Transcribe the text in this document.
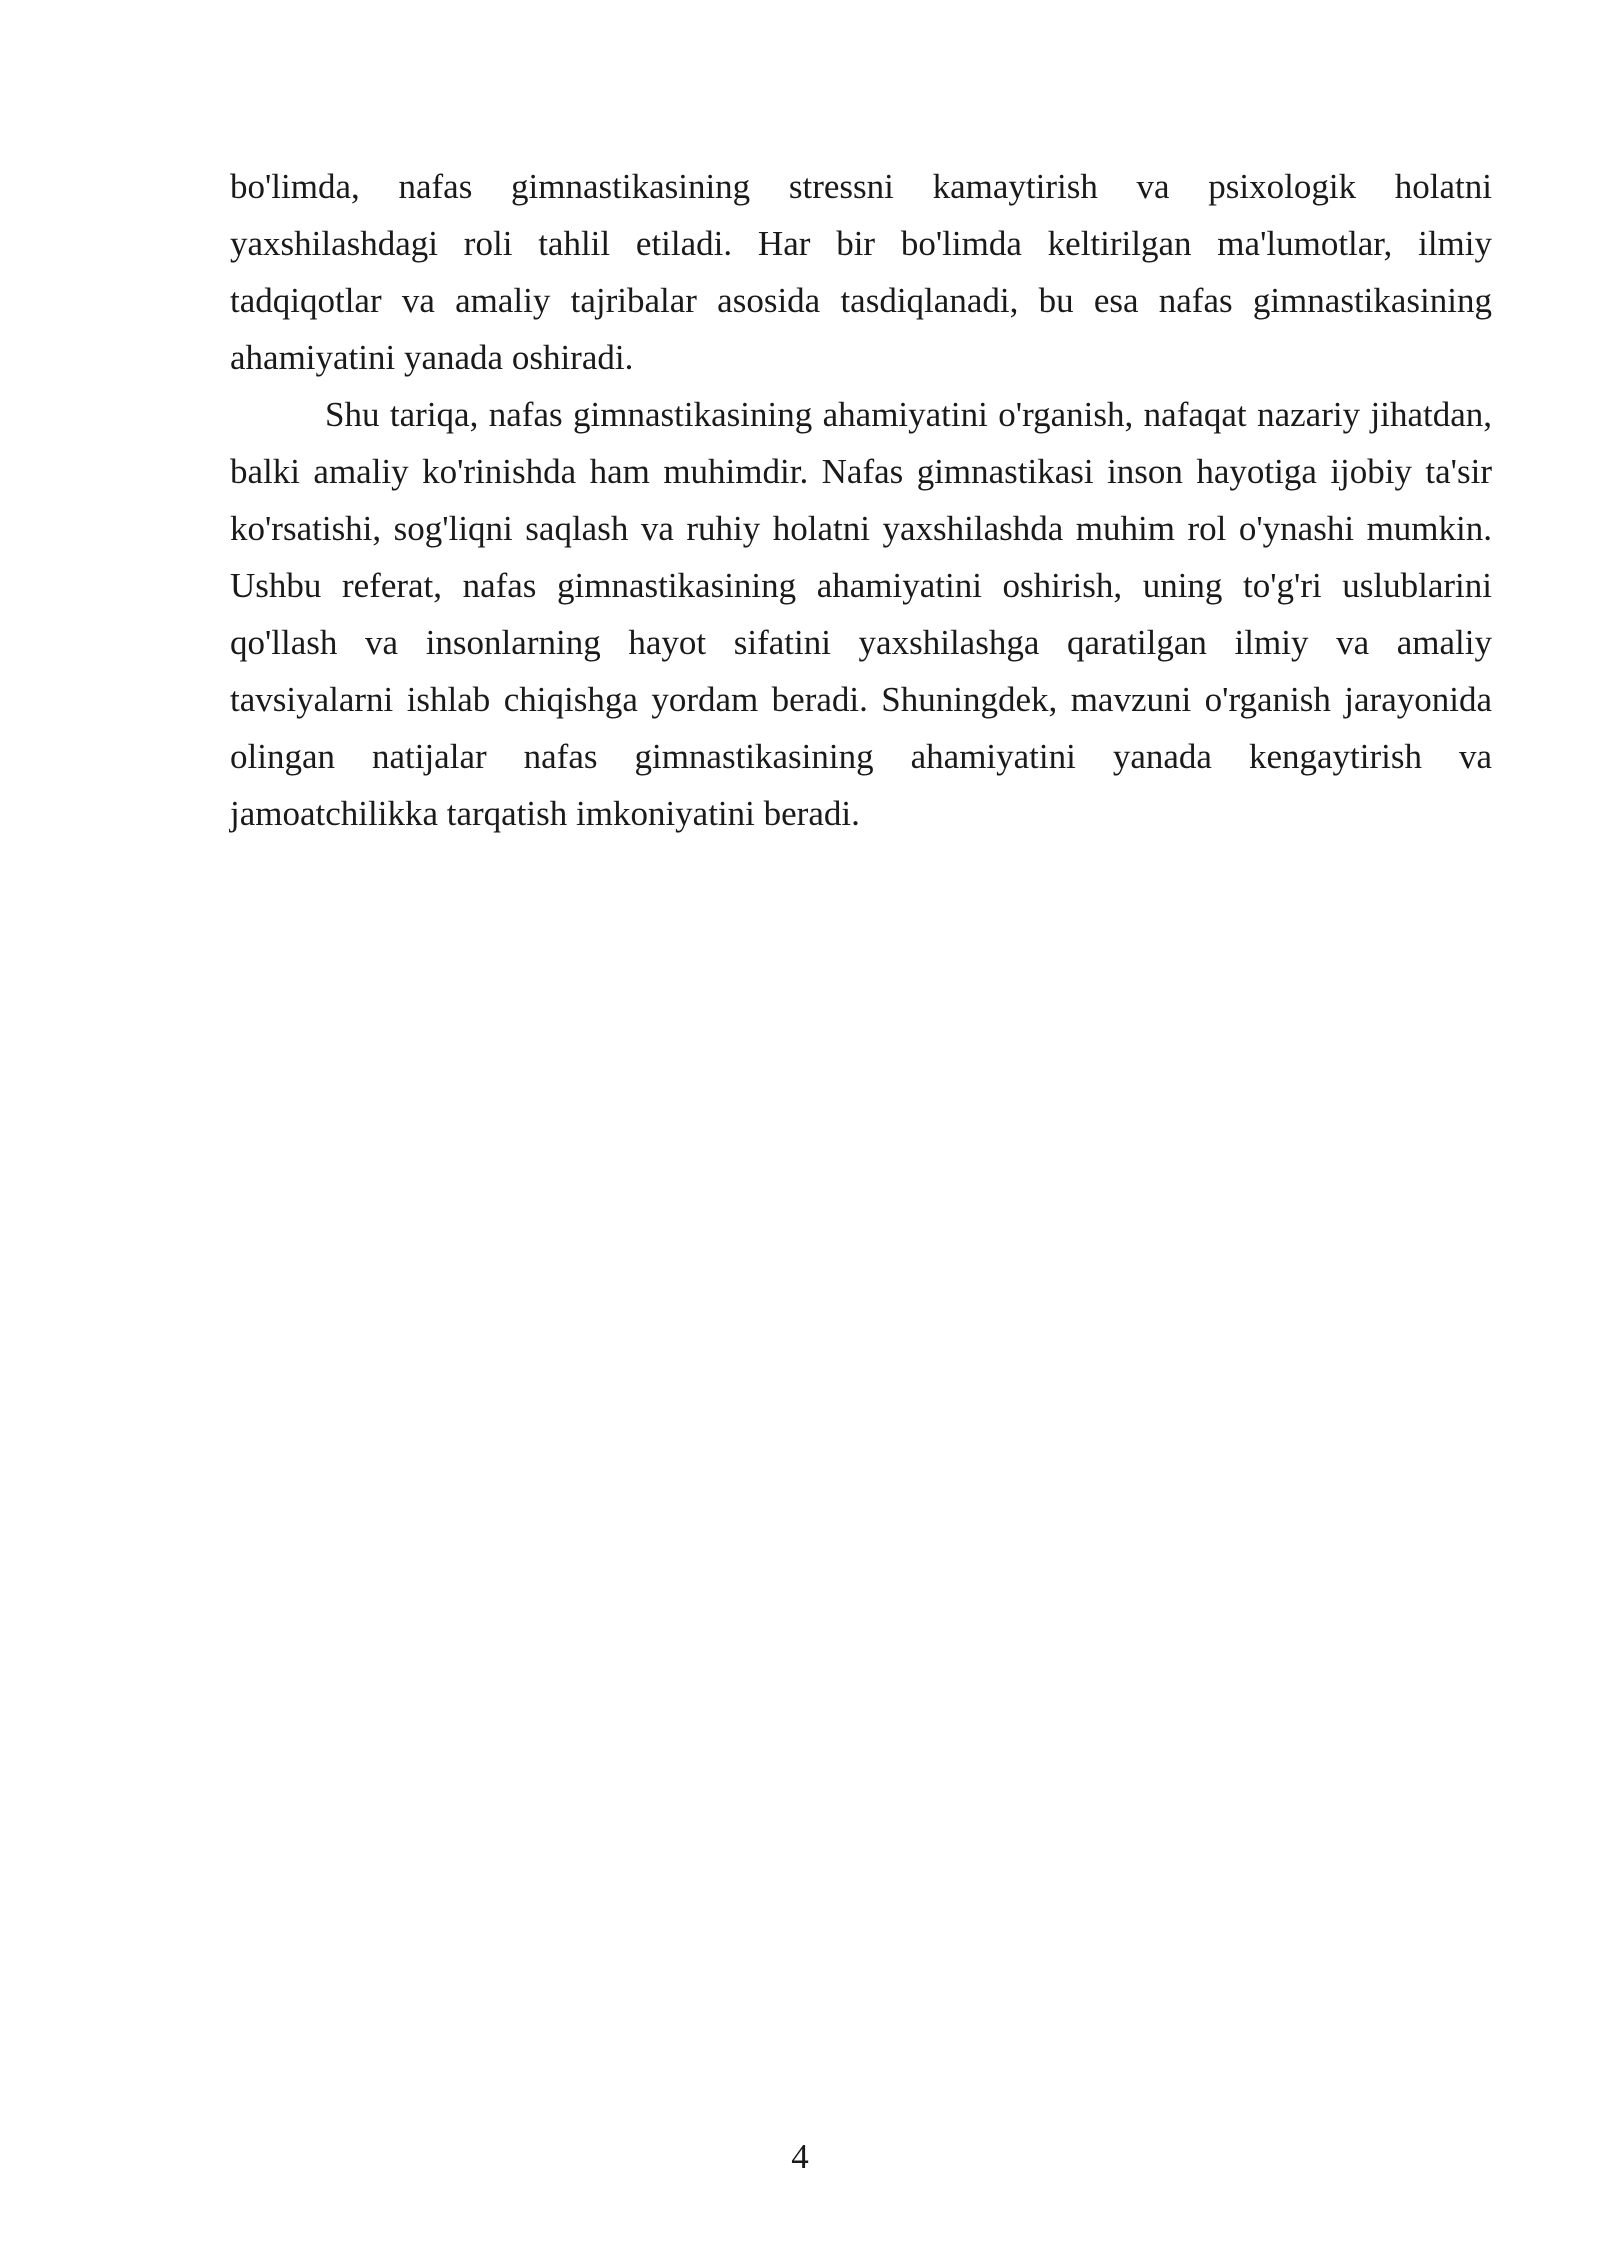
bo'limda, nafas gimnastikasining stressni kamaytirish va psixologik holatni yaxshilashdagi roli tahlil etiladi. Har bir bo'limda keltirilgan ma'lumotlar, ilmiy tadqiqotlar va amaliy tajribalar asosida tasdiqlanadi, bu esa nafas gimnastikasining ahamiyatini yanada oshiradi.

Shu tariqa, nafas gimnastikasining ahamiyatini o'rganish, nafaqat nazariy jihatdan, balki amaliy ko'rinishda ham muhimdir. Nafas gimnastikasi inson hayotiga ijobiy ta'sir ko'rsatishi, sog'liqni saqlash va ruhiy holatni yaxshilashda muhim rol o'ynashi mumkin. Ushbu referat, nafas gimnastikasining ahamiyatini oshirish, uning to'g'ri uslublarini qo'llash va insonlarning hayot sifatini yaxshilashga qaratilgan ilmiy va amaliy tavsiyalarni ishlab chiqishga yordam beradi. Shuningdek, mavzuni o'rganish jarayonida olingan natijalar nafas gimnastikasining ahamiyatini yanada kengaytirish va jamoatchilikka tarqatish imkoniyatini beradi.

4
